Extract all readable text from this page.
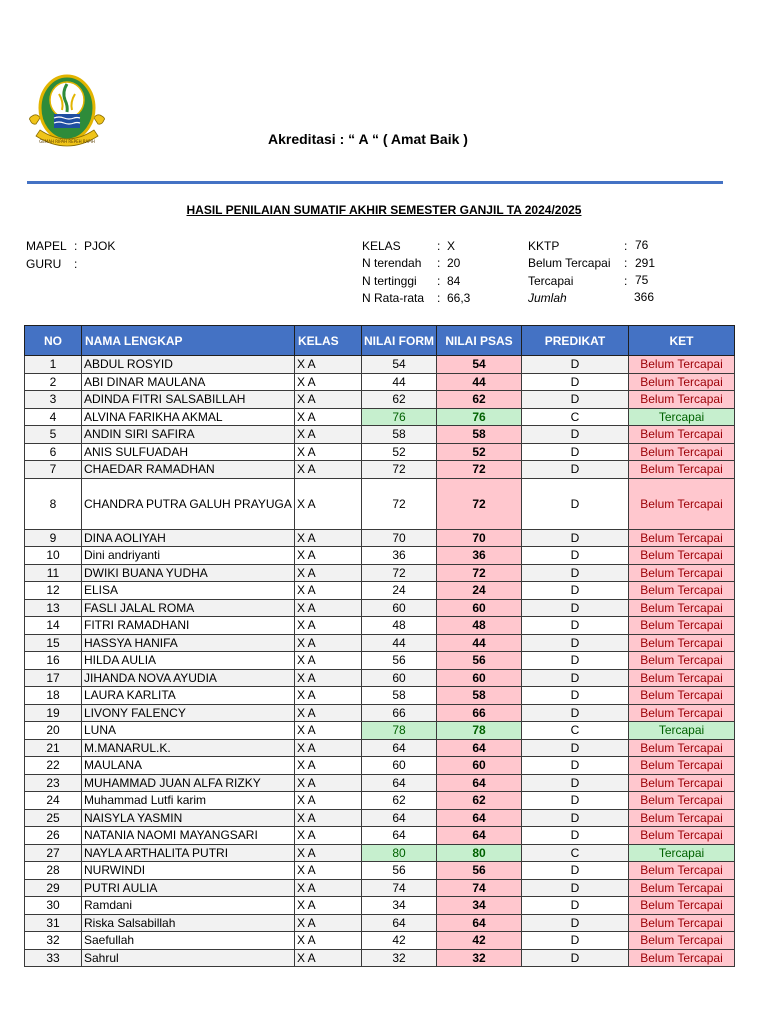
GEMAH RIPAH REPEH RAPIH	Akreditasi : “ A “ ( Amat Baik )
HASIL PENILAIAN SUMATIF AKHIR SEMESTER GANJIL TA 2024/2025
MAPEL : PJOK
GURU :
KELAS	: X
N terendah : 20
N tertinggi : 84
N Rata-rata : 66,3
KKTP	: 76
Belum Tercapai : 291
Tercapai	: 75
Jumlah	366
NO	NAMA LENGKAP	KELAS	NILAI FORM	NILAI PSAS	PREDIKAT	KET
1	ABDUL ROSYID	X A	54	54	D	Belum Tercapai
2	ABI DINAR MAULANA	X A	44	44	D	Belum Tercapai
3	ADINDA FITRI SALSABILLAH	X A	62	62	D	Belum Tercapai
4	ALVINA FARIKHA AKMAL	X A	76	76	C	Tercapai
5	ANDIN SIRI SAFIRA	X A	58	58	D	Belum Tercapai
6	ANIS SULFUADAH	X A	52	52	D	Belum Tercapai
7	CHAEDAR RAMADHAN	X A	72	72	D	Belum Tercapai
8	CHANDRA PUTRA GALUH PRAYUGA	X A	72	72	D	Belum Tercapai
9	DINA AOLIYAH	X A	70	70	D	Belum Tercapai
10	Dini andriyanti	X A	36	36	D	Belum Tercapai
11	DWIKI BUANA YUDHA	X A	72	72	D	Belum Tercapai
12	ELISA	X A	24	24	D	Belum Tercapai
13	FASLI JALAL ROMA	X A	60	60	D	Belum Tercapai
14	FITRI RAMADHANI	X A	48	48	D	Belum Tercapai
15	HASSYA HANIFA	X A	44	44	D	Belum Tercapai
16	HILDA AULIA	X A	56	56	D	Belum Tercapai
17	JIHANDA NOVA AYUDIA	X A	60	60	D	Belum Tercapai
18	LAURA KARLITA	X A	58	58	D	Belum Tercapai
19	LIVONY FALENCY	X A	66	66	D	Belum Tercapai
20	LUNA	X A	78	78	C	Tercapai
21	M.MANARUL.K.	X A	64	64	D	Belum Tercapai
22	MAULANA	X A	60	60	D	Belum Tercapai
23	MUHAMMAD JUAN ALFA RIZKY	X A	64	64	D	Belum Tercapai
24	Muhammad Lutfi karim	X A	62	62	D	Belum Tercapai
25	NAISYLA YASMIN	X A	64	64	D	Belum Tercapai
26	NATANIA NAOMI MAYANGSARI	X A	64	64	D	Belum Tercapai
27	NAYLA ARTHALITA PUTRI	X A	80	80	C	Tercapai
28	NURWINDI	X A	56	56	D	Belum Tercapai
29	PUTRI AULIA	X A	74	74	D	Belum Tercapai
30	Ramdani	X A	34	34	D	Belum Tercapai
31	Riska Salsabillah	X A	64	64	D	Belum Tercapai
32	Saefullah	X A	42	42	D	Belum Tercapai
33	Sahrul	X A	32	32	D	Belum Tercapai
